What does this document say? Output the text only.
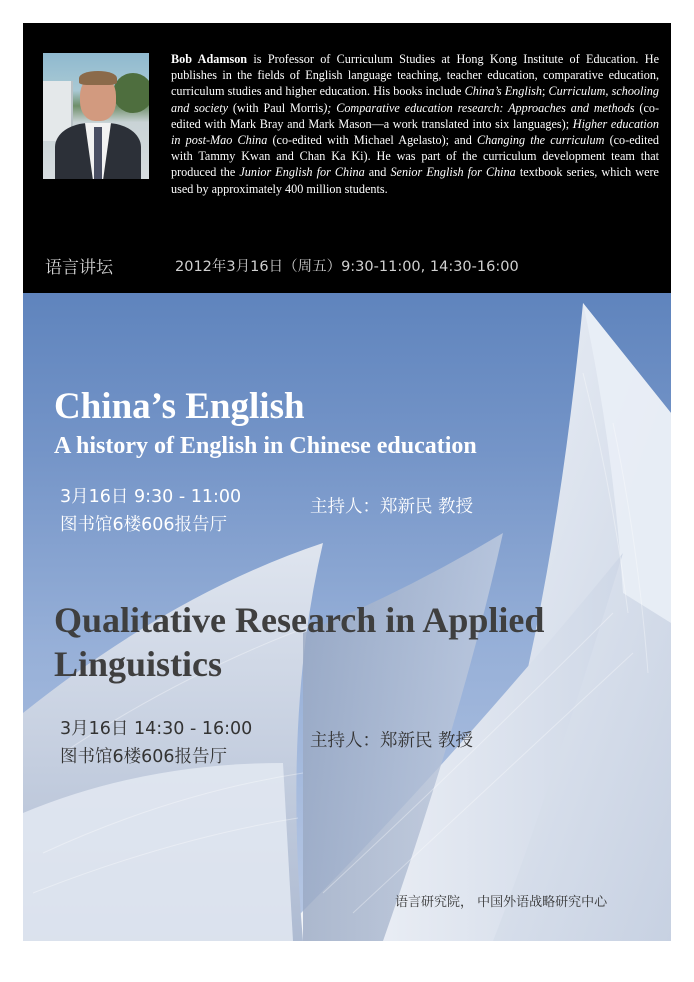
Bob Adamson is Professor of Curriculum Studies at Hong Kong Institute of Education. He publishes in the fields of English language teaching, teacher education, comparative education, curriculum studies and higher education. His books include China’s English; Curriculum, schooling and society (with Paul Morris); Comparative education research: Approaches and methods (co-edited with Mark Bray and Mark Mason—a work translated into six languages); Higher education in post-Mao China (co-edited with Michael Agelasto); and Changing the curriculum (co-edited with Tammy Kwan and Chan Ka Ki). He was part of the curriculum development team that produced the Junior English for China and Senior English for China textbook series, which were used by approximately 400 million students.
语言讲坛	2012年3月16日（周五）9:30-11:00, 14:30-16:00
China’s English
A history of English in Chinese education
3月16日 9:30 - 11:00
图书馆6楼606报告厅
主持人：郑新民 教授
Qualitative Research in Applied Linguistics
3月16日 14:30 - 16:00
图书馆6楼606报告厅
主持人：郑新民 教授
语言研究院， 中国外语战略研究中心
